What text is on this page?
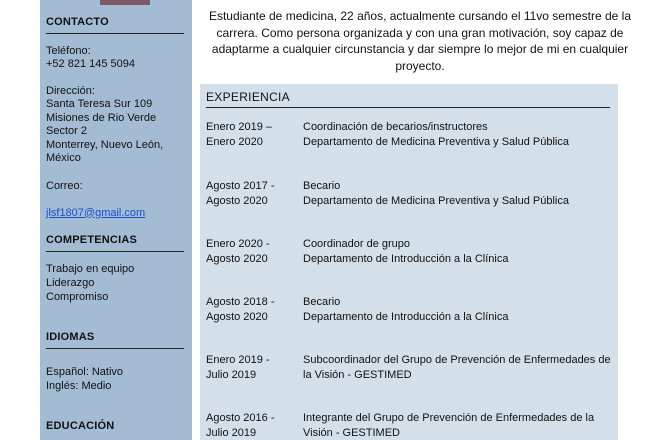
CONTACTO
Teléfono:
+52 821 145 5094
Dirección:
Santa Teresa Sur 109
Misiones de Rio Verde
Sector 2
Monterrey, Nuevo León,
México
Correo:

jlsf1807@gmail.com

COMPETENCIAS
Trabajo en equipo
Liderazgo
Compromiso
IDIOMAS
Español: Nativo
Inglés: Medio
EDUCACIÓN
Estudiante de medicina, 22 años, actualmente cursando el 11vo semestre de la carrera. Como persona organizada y con una gran motivación, soy capaz de adaptarme a cualquier circunstancia y dar siempre lo mejor de mi en cualquier proyecto.
EXPERIENCIA
Enero 2019 –
Enero 2020
Coordinación de becarios/instructores
Departamento de Medicina Preventiva y Salud Pública
Agosto 2017 -
Agosto 2020
Becario
Departamento de Medicina Preventiva y Salud Pública
Enero 2020 -
Agosto 2020
Coordinador de grupo
Departamento de Introducción a la Clínica
Agosto 2018 -
Agosto 2020
Becario
Departamento de Introducción a la Clínica
Enero 2019 -
Julio 2019
Subcoordinador del Grupo de Prevención de Enfermedades de la Visión - GESTIMED
Agosto 2016 -
Julio 2019
Integrante del Grupo de Prevención de Enfermedades de la Visión - GESTIMED
